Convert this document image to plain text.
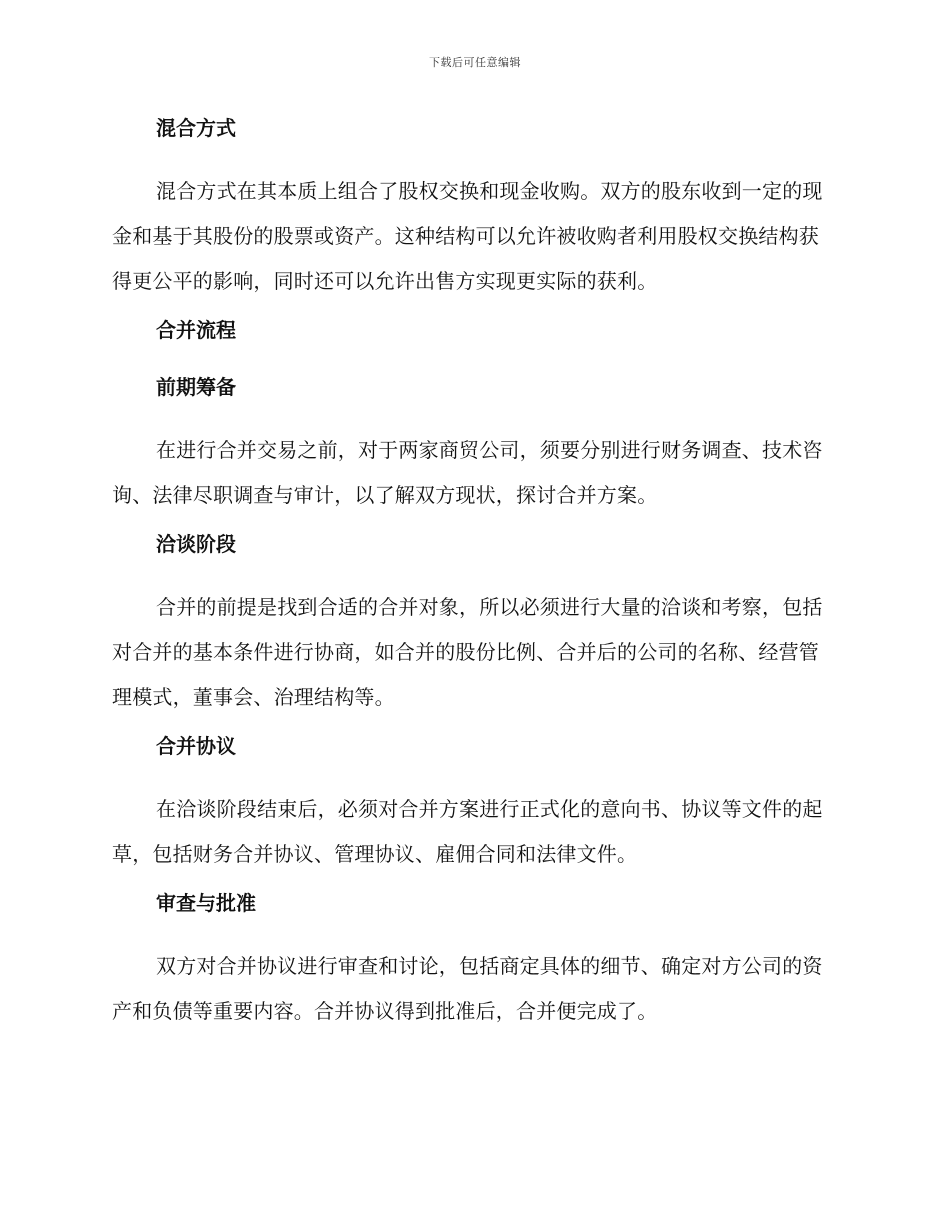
下载后可任意编辑
混合方式

混合方式在其本质上组合了股权交换和现金收购。双方的股东收到一定的现金和基于其股份的股票或资产。这种结构可以允许被收购者利用股权交换结构获得更公平的影响，同时还可以允许出售方实现更实际的获利。

合并流程
前期筹备

在进行合并交易之前，对于两家商贸公司，须要分别进行财务调查、技术咨询、法律尽职调查与审计，以了解双方现状，探讨合并方案。

洽谈阶段

合并的前提是找到合适的合并对象，所以必须进行大量的洽谈和考察，包括对合并的基本条件进行协商，如合并的股份比例、合并后的公司的名称、经营管理模式，董事会、治理结构等。

合并协议

在洽谈阶段结束后，必须对合并方案进行正式化的意向书、协议等文件的起草，包括财务合并协议、管理协议、雇佣合同和法律文件。

审查与批准

双方对合并协议进行审查和讨论，包括商定具体的细节、确定对方公司的资产和负债等重要内容。合并协议得到批准后，合并便完成了。
